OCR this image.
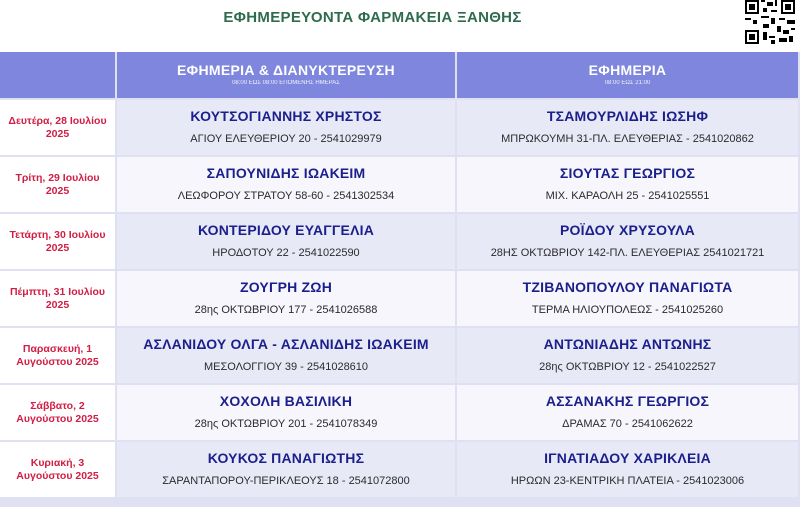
ΕΦΗΜΕΡΕΥΟΝΤΑ ΦΑΡΜΑΚΕΙΑ ΞΑΝΘΗΣ
ΕΦΗΜΕΡΙΑ & ΔΙΑΝΥΚΤΕΡΕΥΣΗ
08:00 ΕΩΣ 08:00 ΕΠΟΜΕΝΗΣ ΗΜΕΡΑΣ
ΕΦΗΜΕΡΙΑ
08:00 ΕΩΣ 21:00
Δευτέρα, 28 Ιουλίου 2025
ΚΟΥΤΣΟΓΙΑΝΝΗΣ ΧΡΗΣΤΟΣ
ΑΓΙΟΥ ΕΛΕΥΘΕΡΙΟΥ 20 - 2541029979
ΤΣΑΜΟΥΡΛΙΔΗΣ ΙΩΣΗΦ
ΜΠΡΩΚΟΥΜΗ 31-ΠΛ. ΕΛΕΥΘΕΡΙΑΣ - 2541020862
Τρίτη, 29 Ιουλίου 2025
ΣΑΠΟΥΝΙΔΗΣ ΙΩΑΚΕΙΜ
ΛΕΩΦΟΡΟΥ ΣΤΡΑΤΟΥ 58-60 - 2541302534
ΣΙΟΥΤΑΣ ΓΕΩΡΓΙΟΣ
ΜΙΧ. ΚΑΡΑΟΛΗ 25 - 2541025551
Τετάρτη, 30 Ιουλίου 2025
ΚΟΝΤΕΡΙΔΟΥ ΕΥΑΓΓΕΛΙΑ
ΗΡΟΔΟΤΟΥ 22 - 2541022590
ΡΟΪΔΟΥ ΧΡΥΣΟΥΛΑ
28ΗΣ ΟΚΤΩΒΡΙΟΥ 142-ΠΛ. ΕΛΕΥΘΕΡΙΑΣ 2541021721
Πέμπτη, 31 Ιουλίου 2025
ΖΟΥΓΡΗ ΖΩΗ
28ης ΟΚΤΩΒΡΙΟΥ 177 - 2541026588
ΤΖΙΒΑΝΟΠΟΥΛΟΥ ΠΑΝΑΓΙΩΤΑ
ΤΕΡΜΑ ΗΛΙΟΥΠΟΛΕΩΣ - 2541025260
Παρασκευή, 1 Αυγούστου 2025
ΑΣΛΑΝΙΔΟΥ ΟΛΓΑ - ΑΣΛΑΝΙΔΗΣ ΙΩΑΚΕΙΜ
ΜΕΣΟΛΟΓΓΙΟΥ 39 - 2541028610
ΑΝΤΩΝΙΑΔΗΣ ΑΝΤΩΝΗΣ
28ης ΟΚΤΩΒΡΙΟΥ 12 - 2541022527
Σάββατο, 2 Αυγούστου 2025
ΧΟΧΟΛΗ ΒΑΣΙΛΙΚΗ
28ης ΟΚΤΩΒΡΙΟΥ 201 - 2541078349
ΑΣΣΑΝΑΚΗΣ ΓΕΩΡΓΙΟΣ
ΔΡΑΜΑΣ 70 - 2541062622
Κυριακή, 3 Αυγούστου 2025
ΚΟΥΚΟΣ ΠΑΝΑΓΙΩΤΗΣ
ΣΑΡΑΝΤΑΠΟΡΟΥ-ΠΕΡΙΚΛΕΟΥΣ 18 - 2541072800
ΙΓΝΑΤΙΑΔΟΥ ΧΑΡΙΚΛΕΙΑ
ΗΡΩΩΝ 23-ΚΕΝΤΡΙΚΗ ΠΛΑΤΕΙΑ - 2541023006
